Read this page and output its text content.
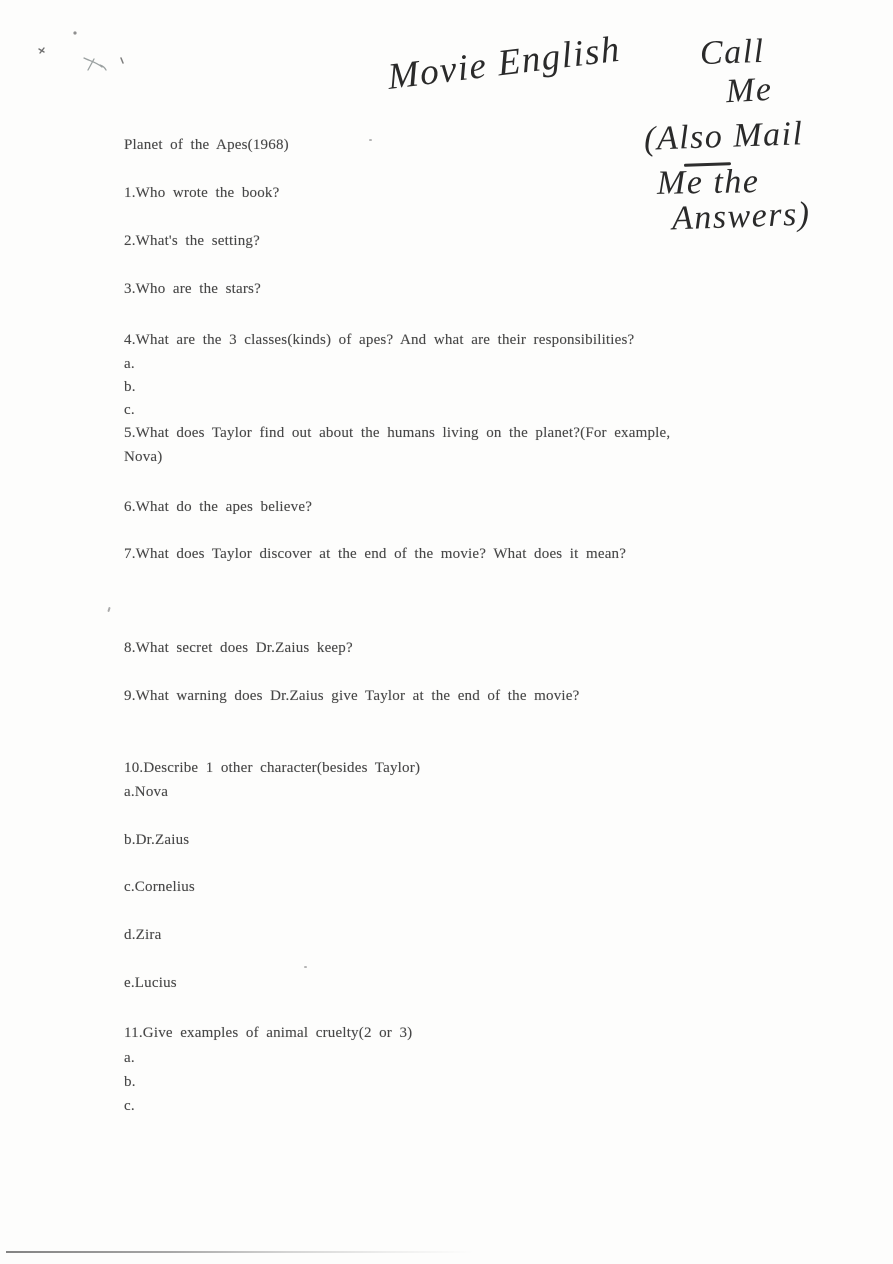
Movie English Call
Me
(Also Mail
Me the
Answers)
Planet of the Apes(1968)
1.Who wrote the book?
2.What's the setting?
3.Who are the stars?
4.What are the 3 classes(kinds) of apes? And what are their responsibilities?
a.
b.
c.
5.What does Taylor find out about the humans living on the planet?(For example,
Nova)
6.What do the apes believe?
7.What does Taylor discover at the end of the movie? What does it mean?
8.What secret does Dr.Zaius keep?
9.What warning does Dr.Zaius give Taylor at the end of the movie?
10.Describe 1 other character(besides Taylor)
a.Nova
b.Dr.Zaius
c.Cornelius
d.Zira
e.Lucius
11.Give examples of animal cruelty(2 or 3)
a.
b.
c.
